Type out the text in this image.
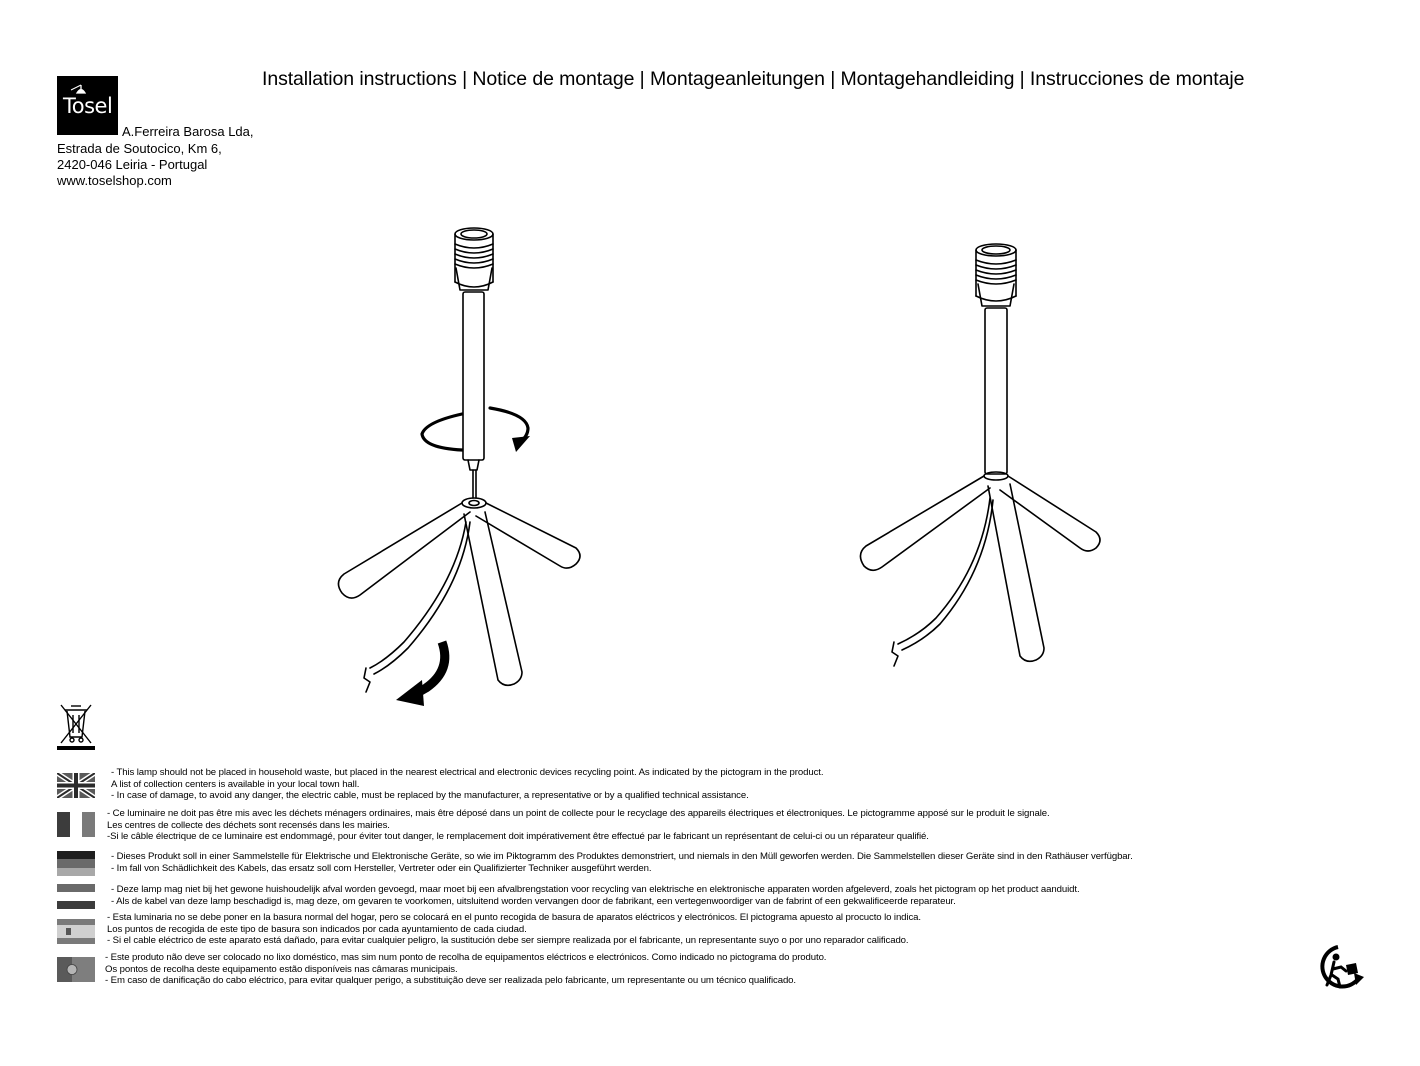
Installation instructions | Notice de montage | Montageanleitungen | Montagehandleiding | Instrucciones de montaje
Tosel
A.Ferreira Barosa Lda,
Estrada de Soutocico, Km 6,
2420-046 Leiria - Portugal
www.toselshop.com
- This lamp should not be placed in household waste, but placed in the nearest electrical and electronic devices recycling point. As indicated by the pictogram in the product.
A list of collection centers is available in your local town hall.
- In case of damage, to avoid any danger, the electric cable, must be replaced by the manufacturer, a representative or by a qualified technical assistance.
- Ce luminaire ne doit pas être mis avec les déchets ménagers ordinaires, mais être déposé dans un point de collecte pour le recyclage des appareils électriques et électroniques. Le pictogramme apposé sur le produit le signale.
Les centres de collecte des déchets sont recensés dans les mairies.
-Si le câble électrique de ce luminaire est endommagé, pour éviter tout danger, le remplacement doit impérativement être effectué par le fabricant un représentant de celui-ci ou un réparateur qualifié.
- Dieses Produkt soll in einer Sammelstelle für Elektrische und Elektronische Geräte, so wie im Piktogramm des Produktes demonstriert, und niemals in den Müll geworfen werden. Die Sammelstellen dieser Geräte sind in den Rathäuser verfügbar.
- Im fall von Schädlichkeit des Kabels, das ersatz soll com Hersteller, Vertreter oder ein Qualifizierter Techniker ausgeführt werden.
- Deze lamp mag niet bij het gewone huishoudelijk afval worden gevoegd, maar moet bij een afvalbrengstation voor recycling van elektrische en elektronische apparaten worden afgeleverd, zoals het pictogram op het product aanduidt.
- Als de kabel van deze lamp beschadigd is, mag deze, om gevaren te voorkomen, uitsluitend worden vervangen door de fabrikant, een vertegenwoordiger van de fabrint of een gekwalificeerde reparateur.
- Esta luminaria no se debe poner en la basura normal del hogar, pero se colocará en el punto recogida de basura de aparatos eléctricos y electrónicos. El pictograma apuesto al procucto lo indica.
Los puntos de recogida de este tipo de basura son indicados por cada ayuntamiento de cada ciudad.
- Si el cable eléctrico de este aparato está dañado, para evitar cualquier peligro, la sustitución debe ser siempre realizada por el fabricante, un representante suyo o por uno reparador calificado.
- Este produto não deve ser colocado no lixo doméstico, mas sim num ponto de recolha de equipamentos eléctricos e electrónicos. Como indicado no pictograma do produto.
Os pontos de recolha deste equipamento estão disponíveis nas câmaras municipais.
- Em caso de danificação do cabo eléctrico, para evitar qualquer perigo, a substituição deve ser realizada pelo fabricante, um representante ou um técnico qualificado.
